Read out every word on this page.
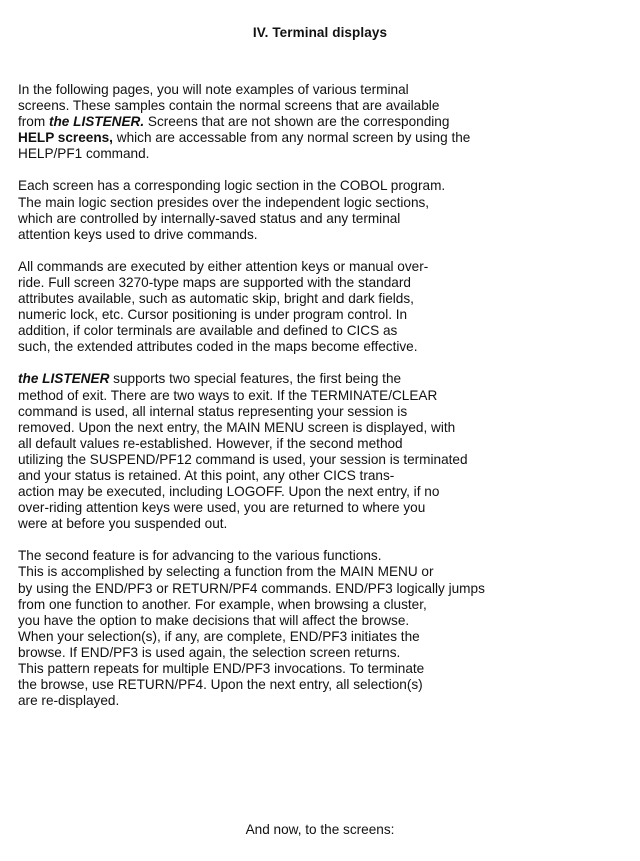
IV. Terminal displays
In the following pages, you will note examples of various terminal
screens. These samples contain the normal screens that are available
from the LISTENER. Screens that are not shown are the corresponding
HELP screens, which are accessable from any normal screen by using the
HELP/PF1 command.
Each screen has a corresponding logic section in the COBOL program.
The main logic section presides over the independent logic sections,
which are controlled by internally-saved status and any terminal
attention keys used to drive commands.
All commands are executed by either attention keys or manual over-
ride. Full screen 3270-type maps are supported with the standard
attributes available, such as automatic skip, bright and dark fields,
numeric lock, etc. Cursor positioning is under program control. In
addition, if color terminals are available and defined to CICS as
such, the extended attributes coded in the maps become effective.
the LISTENER supports two special features, the first being the
method of exit. There are two ways to exit. If the TERMINATE/CLEAR
command is used, all internal status representing your session is
removed. Upon the next entry, the MAIN MENU screen is displayed, with
all default values re-established. However, if the second method
utilizing the SUSPEND/PF12 command is used, your session is terminated
and your status is retained. At this point, any other CICS trans-
action may be executed, including LOGOFF. Upon the next entry, if no
over-riding attention keys were used, you are returned to where you
were at before you suspended out.
The second feature is for advancing to the various functions.
This is accomplished by selecting a function from the MAIN MENU or
by using the END/PF3 or RETURN/PF4 commands. END/PF3 logically jumps
from one function to another. For example, when browsing a cluster,
you have the option to make decisions that will affect the browse.
When your selection(s), if any, are complete, END/PF3 initiates the
browse. If END/PF3 is used again, the selection screen returns.
This pattern repeats for multiple END/PF3 invocations. To terminate
the browse, use RETURN/PF4. Upon the next entry, all selection(s)
are re-displayed.
And now, to the screens:
